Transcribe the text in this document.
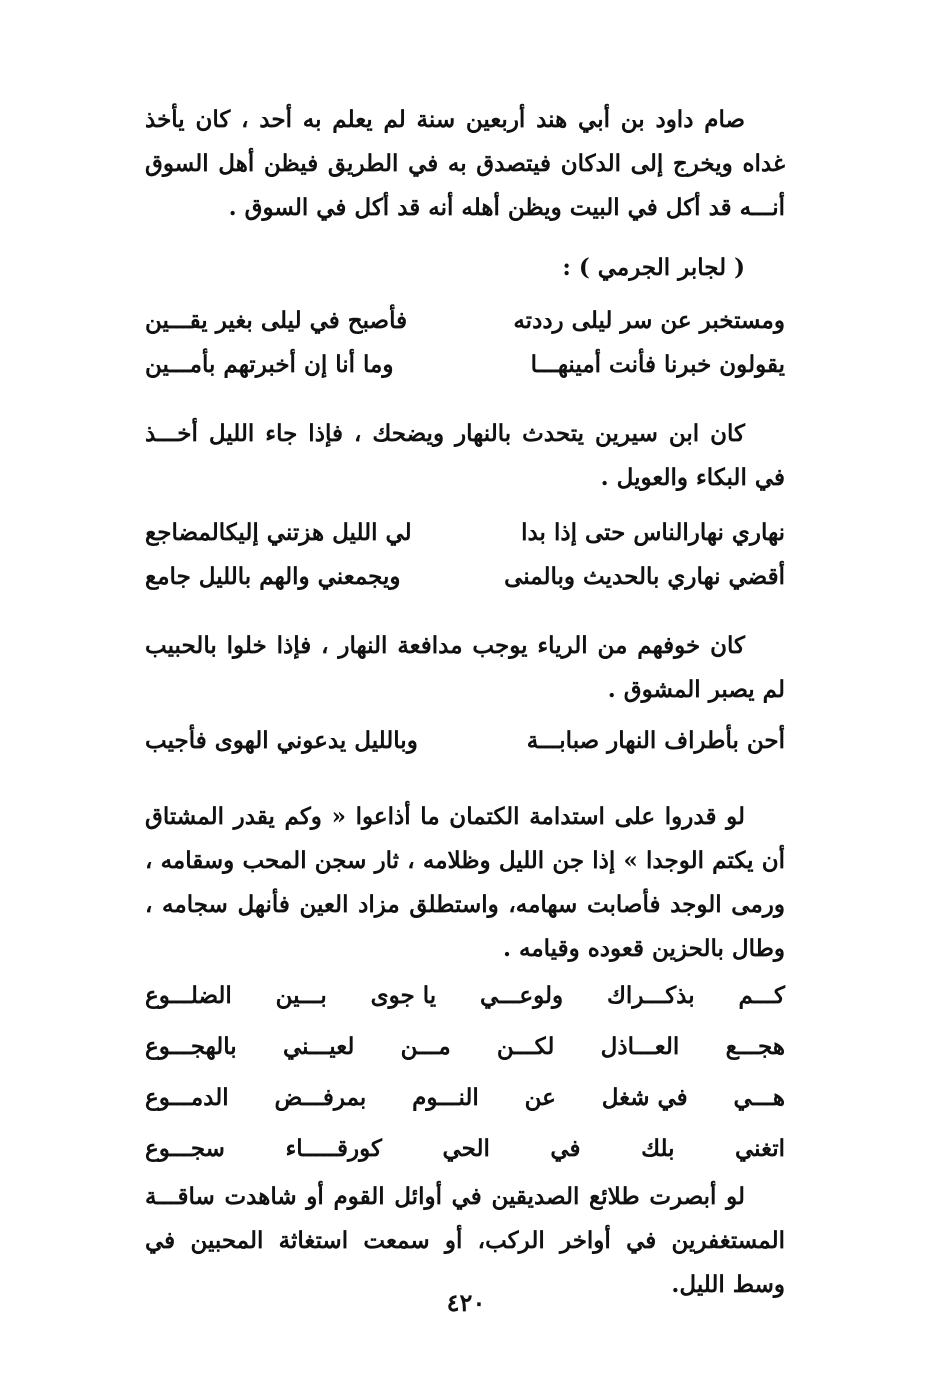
صام داود بن أبي هند أربعين سنة لم يعلم به أحد ، كان يأخذ غداه ويخرج إلى الدكان فيتصدق به في الطريق فيظن أهل السوق أنـــه قد أكل في البيت ويظن أهله أنه قد أكل في السوق .
( لجابر الجرمي ) :
ومستخبر عن سر ليلى رددته
فأصبح في ليلى بغير يقـــين
يقولون خبرنا فأنت أمينهـــا
وما أنا إن أخبرتهم بأمـــين
كان ابن سيرين يتحدث بالنهار ويضحك ، فإذا جاء الليل أخـــذ في البكاء والعويل .
نهاري نهارالناس حتى إذا بدا
لي الليل هزتني إليكالمضاجع
أقضي نهاري بالحديث وبالمنى
ويجمعني والهم بالليل جامع
كان خوفهم من الرياء يوجب مدافعة النهار ، فإذا خلوا بالحبيب لم يصبر المشوق .
أحن بأطراف النهار صبابـــة
وبالليل يدعوني الهوى فأجيب
لو قدروا على استدامة الكتمان ما أذاعوا « وكم يقدر المشتاق أن يكتم الوجدا » إذا جن الليل وظلامه ، ثار سجن المحب وسقامه ، ورمى الوجد فأصابت سهامه، واستطلق مزاد العين فأنهل سجامه ، وطال بالحزين قعوده وقيامه .
كـــم
بذكـــراك
ولوعـــي
يا جوى
بـــين
الضلـــوع
هجـــع
العـــاذل
لكـــن
مـــن
لعيـــني
بالهجـــوع
هـــي
في شغل
عن
النـــوم
بمرفـــض
الدمـــوع
اتغني
بلك
في
الحي
كورقـــــاء
سجـــوع
لو أبصرت طلائع الصديقين في أوائل القوم أو شاهدت ساقـــة المستغفرين في أواخر الركب، أو سمعت استغاثة المحبين في وسط الليل.
٤٢٠
